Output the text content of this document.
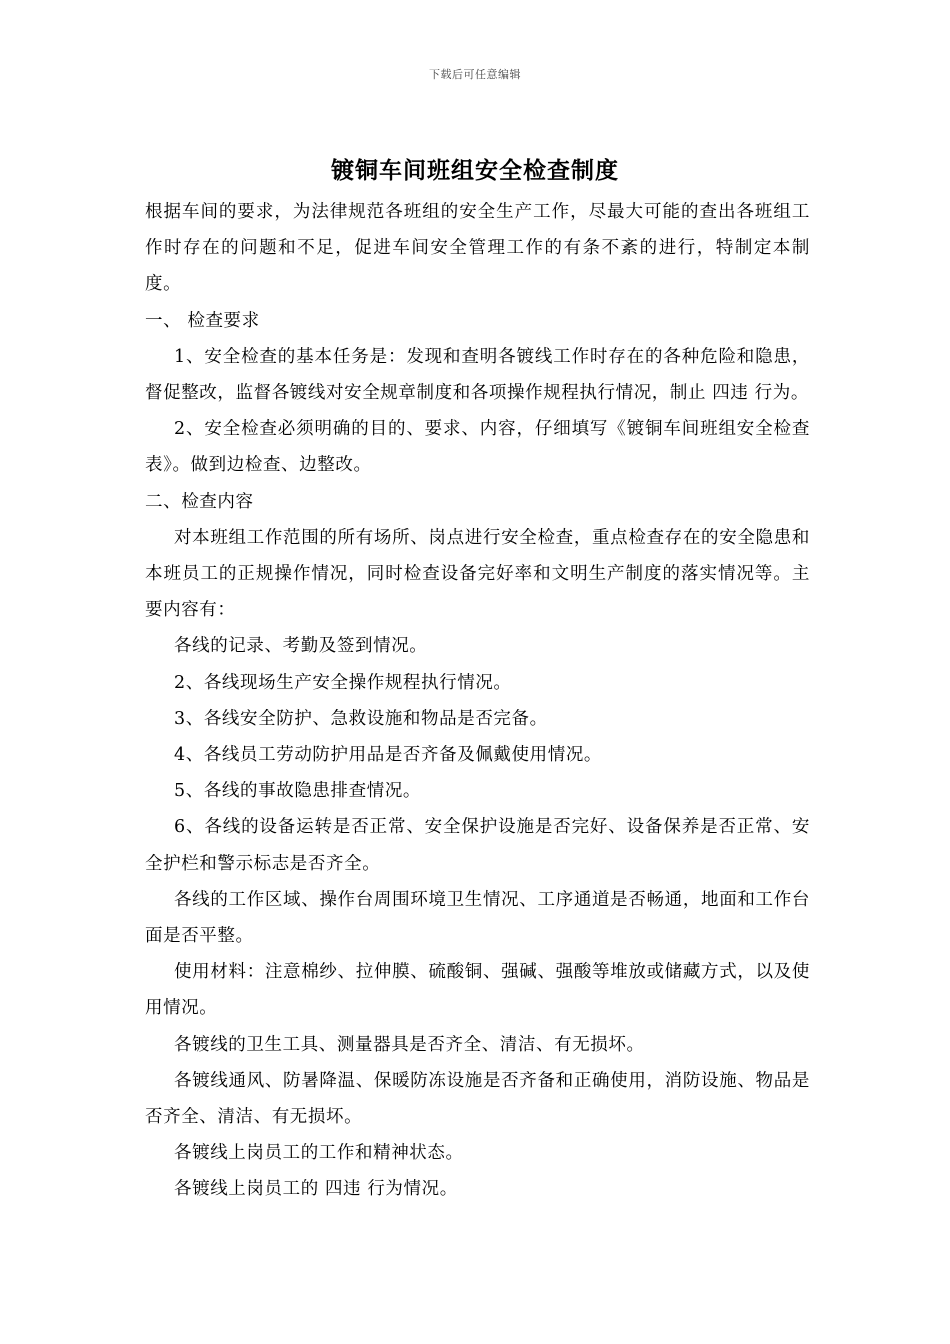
下载后可任意编辑
镀铜车间班组安全检查制度

根据车间的要求，为法律规范各班组的安全生产工作，尽最大可能的查出各班组工作时存在的问题和不足，促进车间安全管理工作的有条不紊的进行，特制定本制度。

一、 检查要求

1、安全检查的基本任务是：发现和查明各镀线工作时存在的各种危险和隐患，督促整改，监督各镀线对安全规章制度和各项操作规程执行情况，制止 四违 行为。

2、安全检查必须明确的目的、要求、内容，仔细填写《镀铜车间班组安全检查表》。做到边检查、边整改。

二、检查内容

对本班组工作范围的所有场所、岗点进行安全检查，重点检查存在的安全隐患和本班员工的正规操作情况，同时检查设备完好率和文明生产制度的落实情况等。主要内容有：

各线的记录、考勤及签到情况。

2、各线现场生产安全操作规程执行情况。

3、各线安全防护、急救设施和物品是否完备。

4、各线员工劳动防护用品是否齐备及佩戴使用情况。

5、各线的事故隐患排查情况。

6、各线的设备运转是否正常、安全保护设施是否完好、设备保养是否正常、安全护栏和警示标志是否齐全。

各线的工作区域、操作台周围环境卫生情况、工序通道是否畅通，地面和工作台面是否平整。

使用材料：注意棉纱、拉伸膜、硫酸铜、强碱、强酸等堆放或储藏方式，以及使用情况。

各镀线的卫生工具、测量器具是否齐全、清洁、有无损坏。

各镀线通风、防暑降温、保暖防冻设施是否齐备和正确使用，消防设施、物品是否齐全、清洁、有无损坏。

各镀线上岗员工的工作和精神状态。

各镀线上岗员工的 四违 行为情况。
